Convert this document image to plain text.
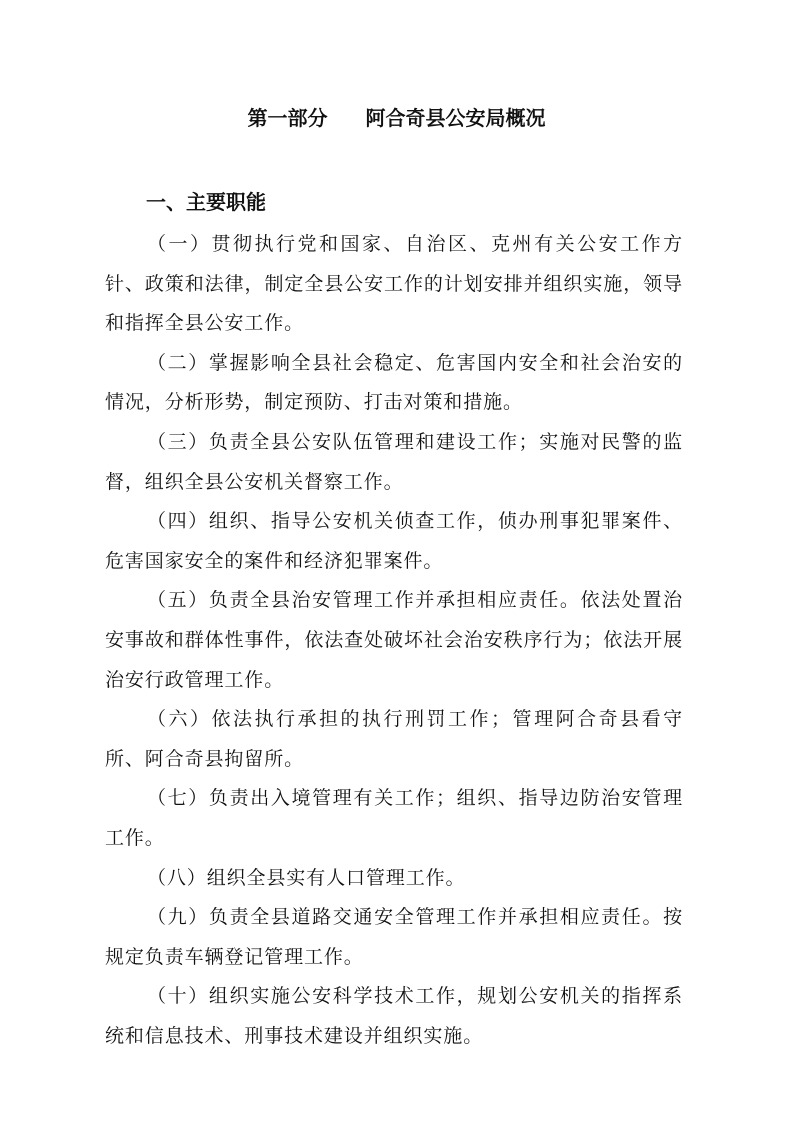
第一部分 阿合奇县公安局概况
一、主要职能

（一）贯彻执行党和国家、自治区、克州有关公安工作方针、政策和法律，制定全县公安工作的计划安排并组织实施，领导和指挥全县公安工作。

（二）掌握影响全县社会稳定、危害国内安全和社会治安的情况，分析形势，制定预防、打击对策和措施。

（三）负责全县公安队伍管理和建设工作；实施对民警的监督，组织全县公安机关督察工作。

（四）组织、指导公安机关侦查工作，侦办刑事犯罪案件、危害国家安全的案件和经济犯罪案件。

（五）负责全县治安管理工作并承担相应责任。依法处置治安事故和群体性事件，依法查处破坏社会治安秩序行为；依法开展治安行政管理工作。

（六）依法执行承担的执行刑罚工作；管理阿合奇县看守所、阿合奇县拘留所。

（七）负责出入境管理有关工作；组织、指导边防治安管理工作。

（八）组织全县实有人口管理工作。

（九）负责全县道路交通安全管理工作并承担相应责任。按规定负责车辆登记管理工作。

（十）组织实施公安科学技术工作，规划公安机关的指挥系统和信息技术、刑事技术建设并组织实施。
